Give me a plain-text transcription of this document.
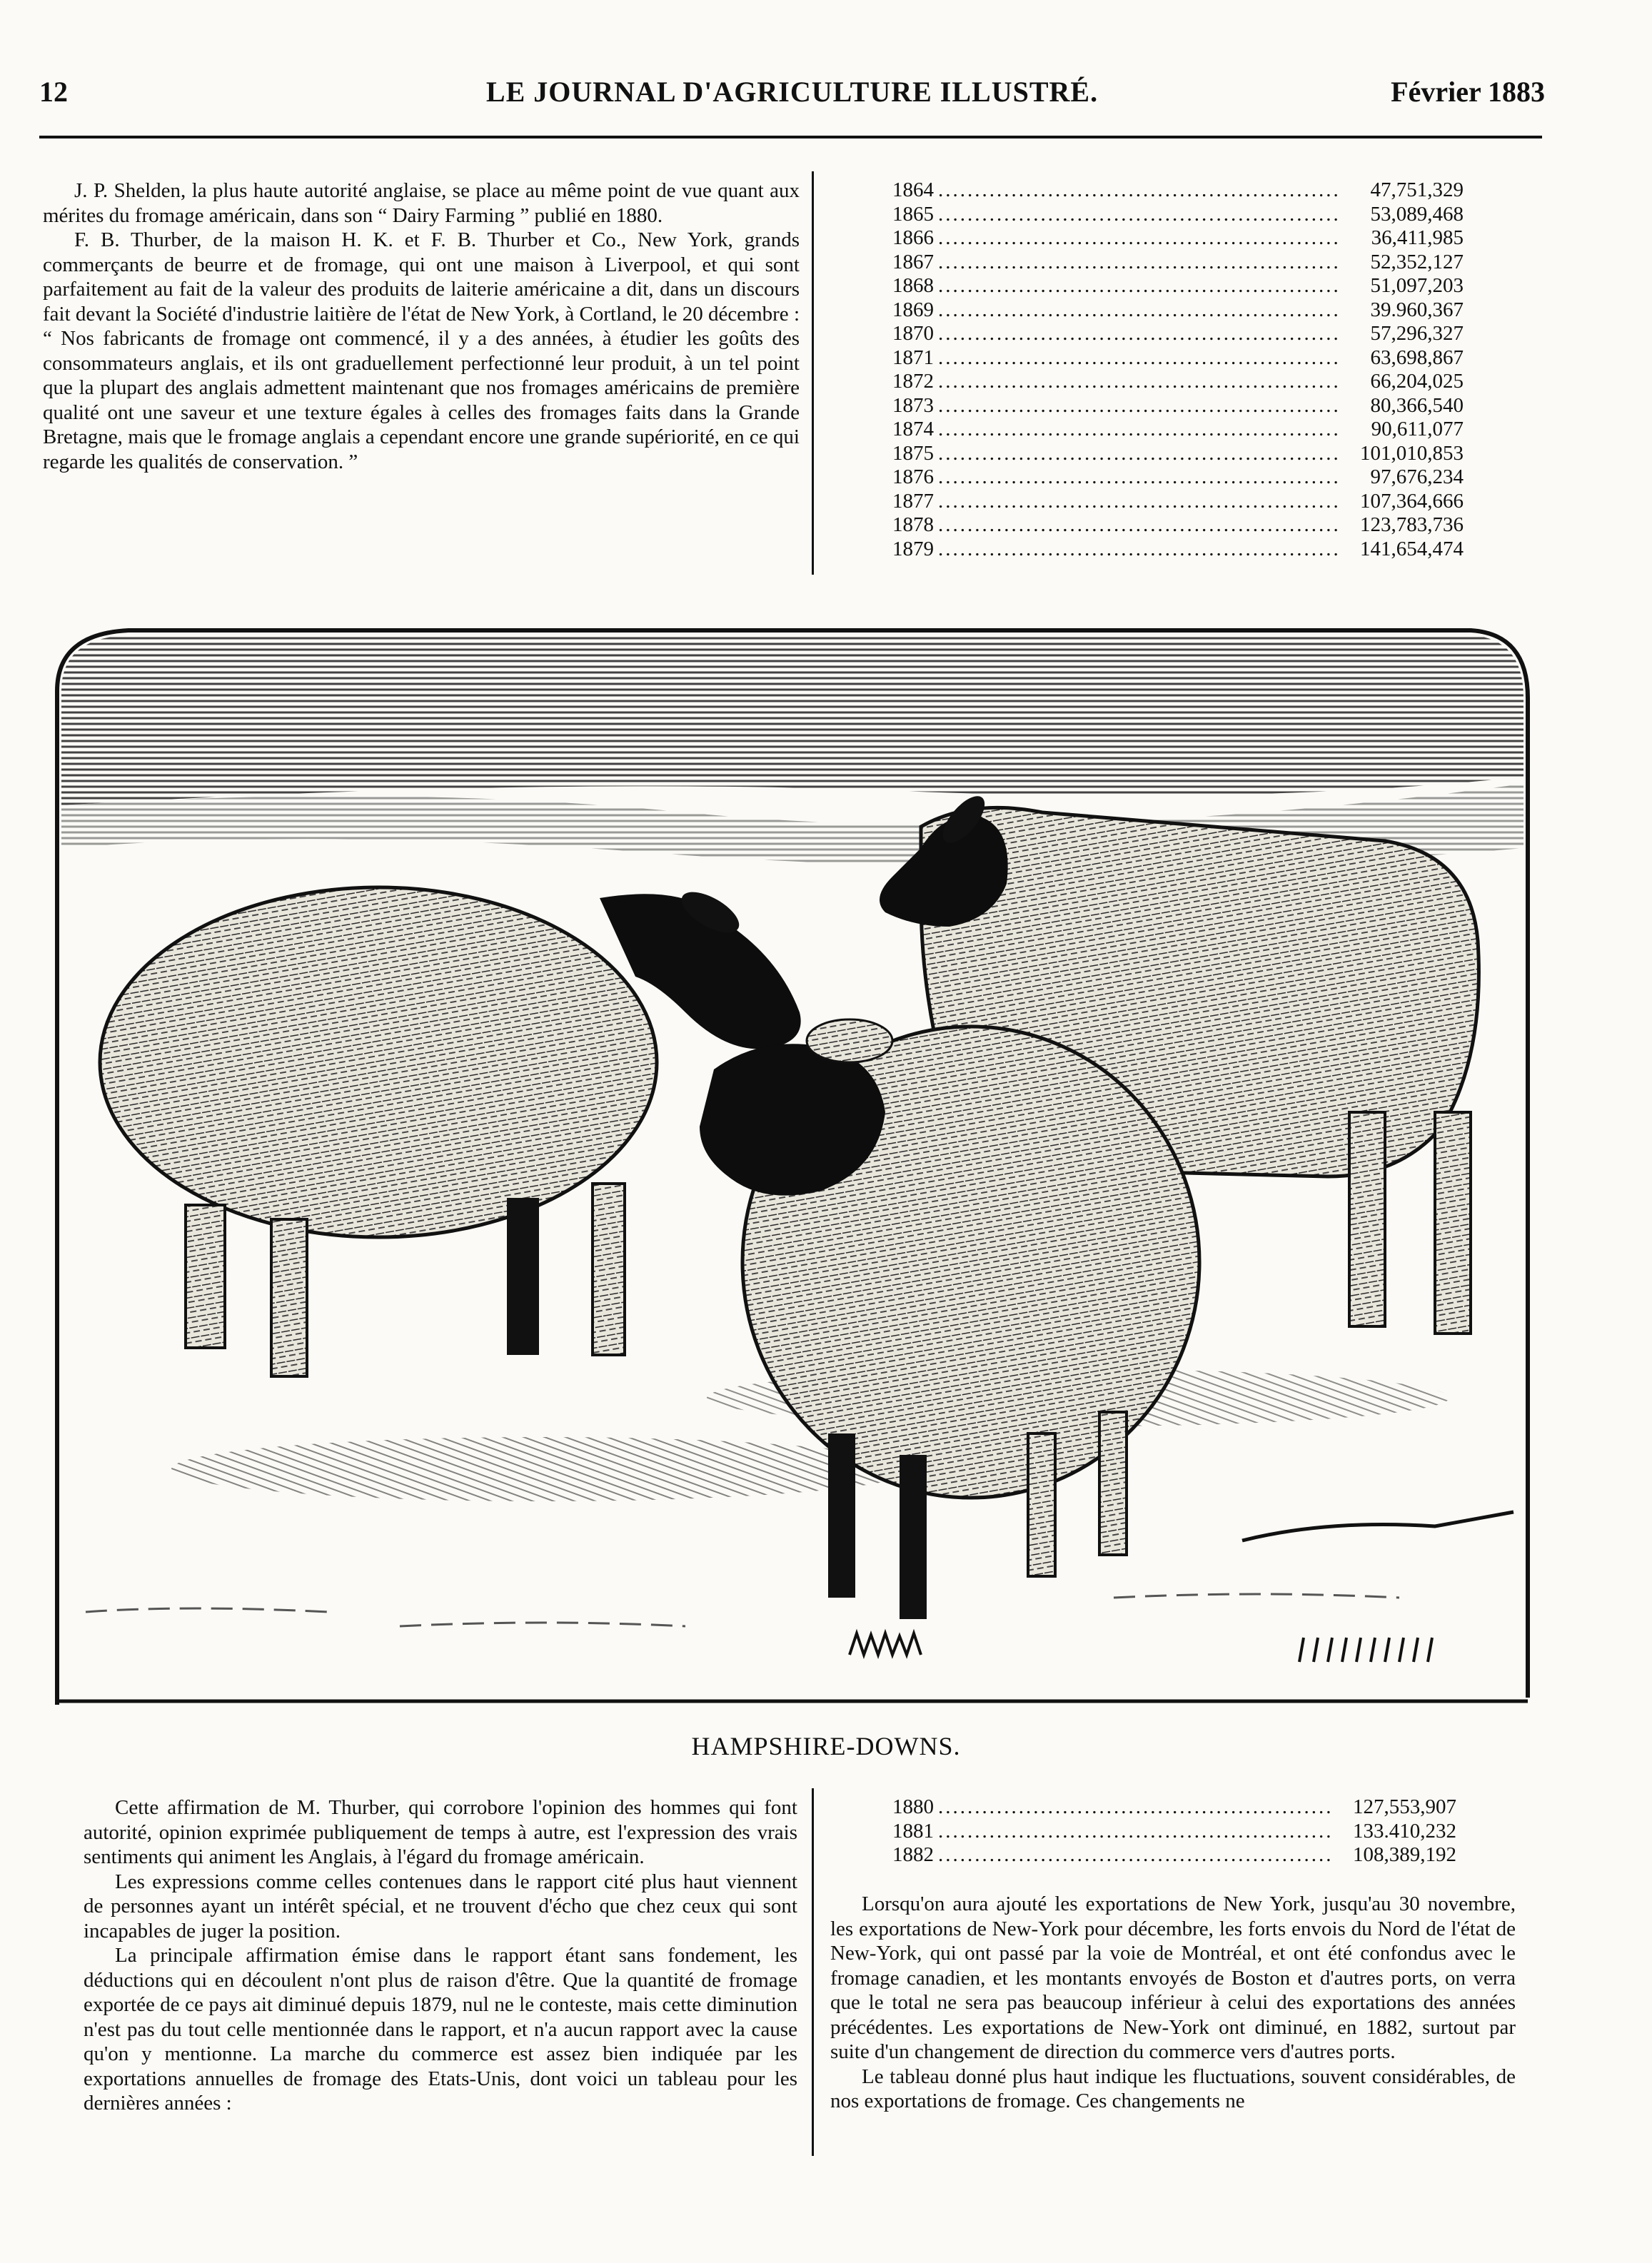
12	LE JOURNAL D'AGRICULTURE ILLUSTRÉ.	Février 1883

J. P. Shelden, la plus haute autorité anglaise, se place au même point de vue quant aux mérites du fromage américain, dans son “ Dairy Farming ” publié en 1880.

F. B. Thurber, de la maison H. K. et F. B. Thurber et Co., New York, grands commerçants de beurre et de fromage, qui ont une maison à Liverpool, et qui sont parfaitement au fait de la valeur des produits de laiterie américaine a dit, dans un discours fait devant la Société d'industrie laitière de l'état de New York, à Cortland, le 20 décembre : “ Nos fabricants de fromage ont commencé, il y a des années, à étudier les goûts des consommateurs anglais, et ils ont graduellement perfectionné leur produit, à un tel point que la plupart des anglais admettent maintenant que nos fromages américains de première qualité ont une saveur et une texture égales à celles des fromages faits dans la Grande Bretagne, mais que le fromage anglais a cependant encore une grande supériorité, en ce qui regarde les qualités de conservation. ”

1864 .....	47,751,329
1865 .....	53,089,468
1866 .....	36,411,985
1867 .....	52,352,127
1868 .....	51,097,203
1869 .....	39.960,367
1870 .....	57,296,327
1871 .....	63,698,867
1872 .....	66,204,025
1873 .....	80,366,540
1874 .....	90,611,077
1875 .....	101,010,853
1876 .....	97,676,234
1877 .....	107,364,666
1878 .....	123,783,736
1879 .....	141,654,474
HAMPSHIRE-DOWNS.

Cette affirmation de M. Thurber, qui corrobore l'opinion des hommes qui font autorité, opinion exprimée publiquement de temps à autre, est l'expression des vrais sentiments qui animent les Anglais, à l'égard du fromage américain.

Les expressions comme celles contenues dans le rapport cité plus haut viennent de personnes ayant un intérêt spécial, et ne trouvent d'écho que chez ceux qui sont incapables de juger la position.

La principale affirmation émise dans le rapport étant sans fondement, les déductions qui en découlent n'ont plus de raison d'être. Que la quantité de fromage exportée de ce pays ait diminué depuis 1879, nul ne le conteste, mais cette diminution n'est pas du tout celle mentionnée dans le rapport, et n'a aucun rapport avec la cause qu'on y mentionne. La marche du commerce est assez bien indiquée par les exportations annuelles de fromage des Etats-Unis, dont voici un tableau pour les dernières années :

1880 .....	127,553,907
1881 .....	133.410,232
1882 .....	108,389,192

Lorsqu'on aura ajouté les exportations de New York, jusqu'au 30 novembre, les exportations de New-York pour décembre, les forts envois du Nord de l'état de New-York, qui ont passé par la voie de Montréal, et ont été confondus avec le fromage canadien, et les montants envoyés de Boston et d'autres ports, on verra que le total ne sera pas beaucoup inférieur à celui des exportations des années précédentes. Les exportations de New-York ont diminué, en 1882, surtout par suite d'un changement de direction du commerce vers d'autres ports.

Le tableau donné plus haut indique les fluctuations, souvent considérables, de nos exportations de fromage. Ces changements ne
